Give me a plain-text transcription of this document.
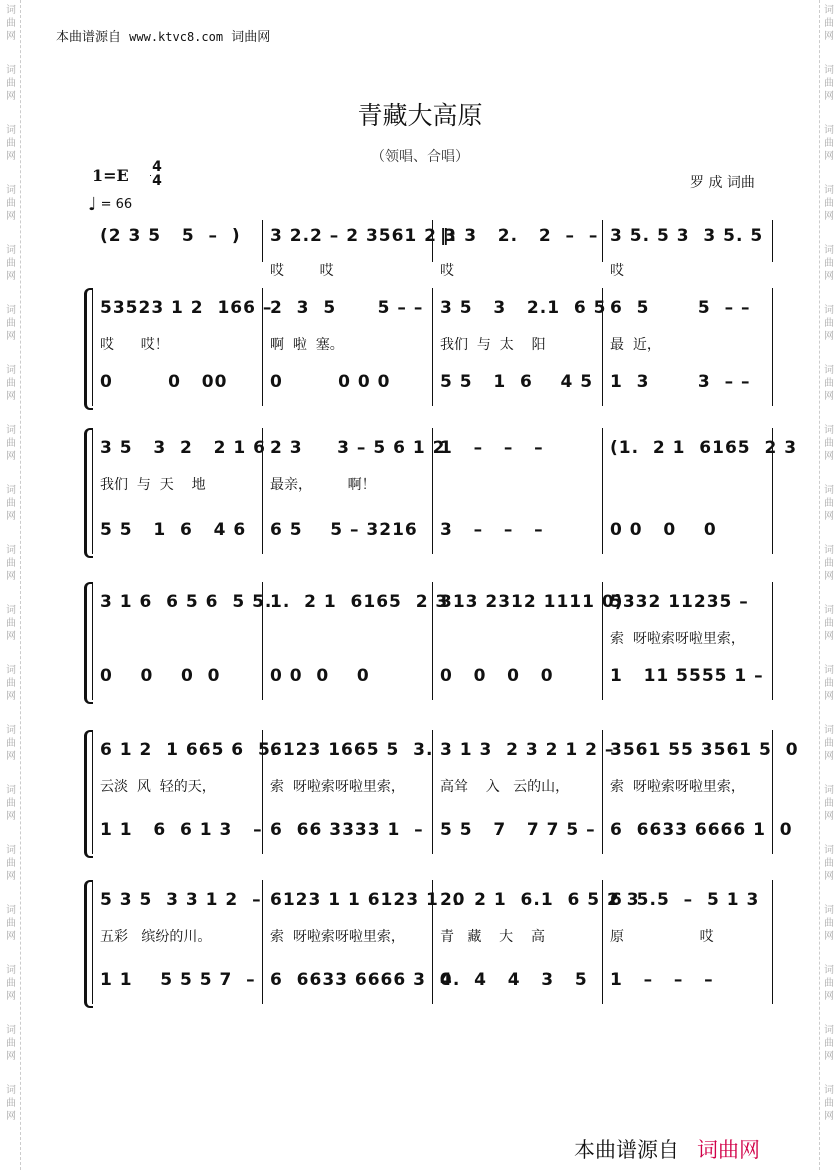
本曲谱源自 www.ktvc8.com 词曲网
词
曲
网
词
曲
网
词
曲
网
词
曲
网
词
曲
网
词
曲
网
词
曲
网
词
曲
网
词
曲
网
词
曲
网
词
曲
网
词
曲
网
词
曲
网
词
曲
网
词
曲
网
词
曲
网
词
曲
网
词
曲
网
词
曲
网
词
曲
网
词
曲
网
词
曲
网
词
曲
网
词
曲
网
词
曲
网
词
曲
网
词
曲
网
词
曲
网
词
曲
网
词
曲
网
词
曲
网
词
曲
网
词
曲
网
词
曲
网
词
曲
网
词
曲
网
词
曲
网
词
曲
网
青藏大高原
（领唱、合唱）
1=E 4
4
♩ = 66
罗 成 词曲
(2 3 5   5  –  ) 3 2.2 – 2 3561 2 3
哎        哎
‖: 3   2.   2  –  –
哎
3 5. 5 3  3 5. 5
哎
53523 1 2  166 –
哎      哎！
0        0   00
2  3  5      5 – –
啊  啦  塞。
0        0 0 0
3 5   3   2.1  6 5
我们  与  太    阳
5 5   1  6    4 5
6  5       5  – –
最  近，
1  3       3  – –
3 5   3  2   2 1 6
我们  与  天    地
5 5   1  6   4 6
2 3     3 – 5 6 1 2
最亲，        啊！
6 5    5 – 3216
1   –   –   –
3   –   –   –
(1.  2 1  6165  2 3
0 0   0    0
3 1 6  6 5 6  5 5.
0    0    0  0
1.  2 1  6165  2 3
0 0  0    0
313 2312 1111 0)
0   0   0   0
5332 11235 –
索  呀啦索呀啦里索，
1   11 5555 1 –
6 1 2  1 665 6  5.
云淡  风  轻的天，
1 1   6  6 1 3   –
6123 1665 5  3.
索  呀啦索呀啦里索，
6  66 3333 1  –
3 1 3  2 3 2 1 2 –
高耸    入   云的山，
5 5   7   7 7 5 –
3561 55 3561 5  0
索  呀啦索呀啦里索，
6  6633 6666 1  0
5 3 5  3 3 1 2  –
五彩   缤纷的川。
1 1    5 5 5 7  –
6123 1 1 6123 1  0
索  呀啦索呀啦里索，
6  6633 6666 3  0
2.  2 1  6.1  6 5 2 3
青   藏    大    高
4.  4   4   3   5
6  5.5  –  5 1 3
原                 哎
1   –   –   –
本曲谱源自 词曲网
